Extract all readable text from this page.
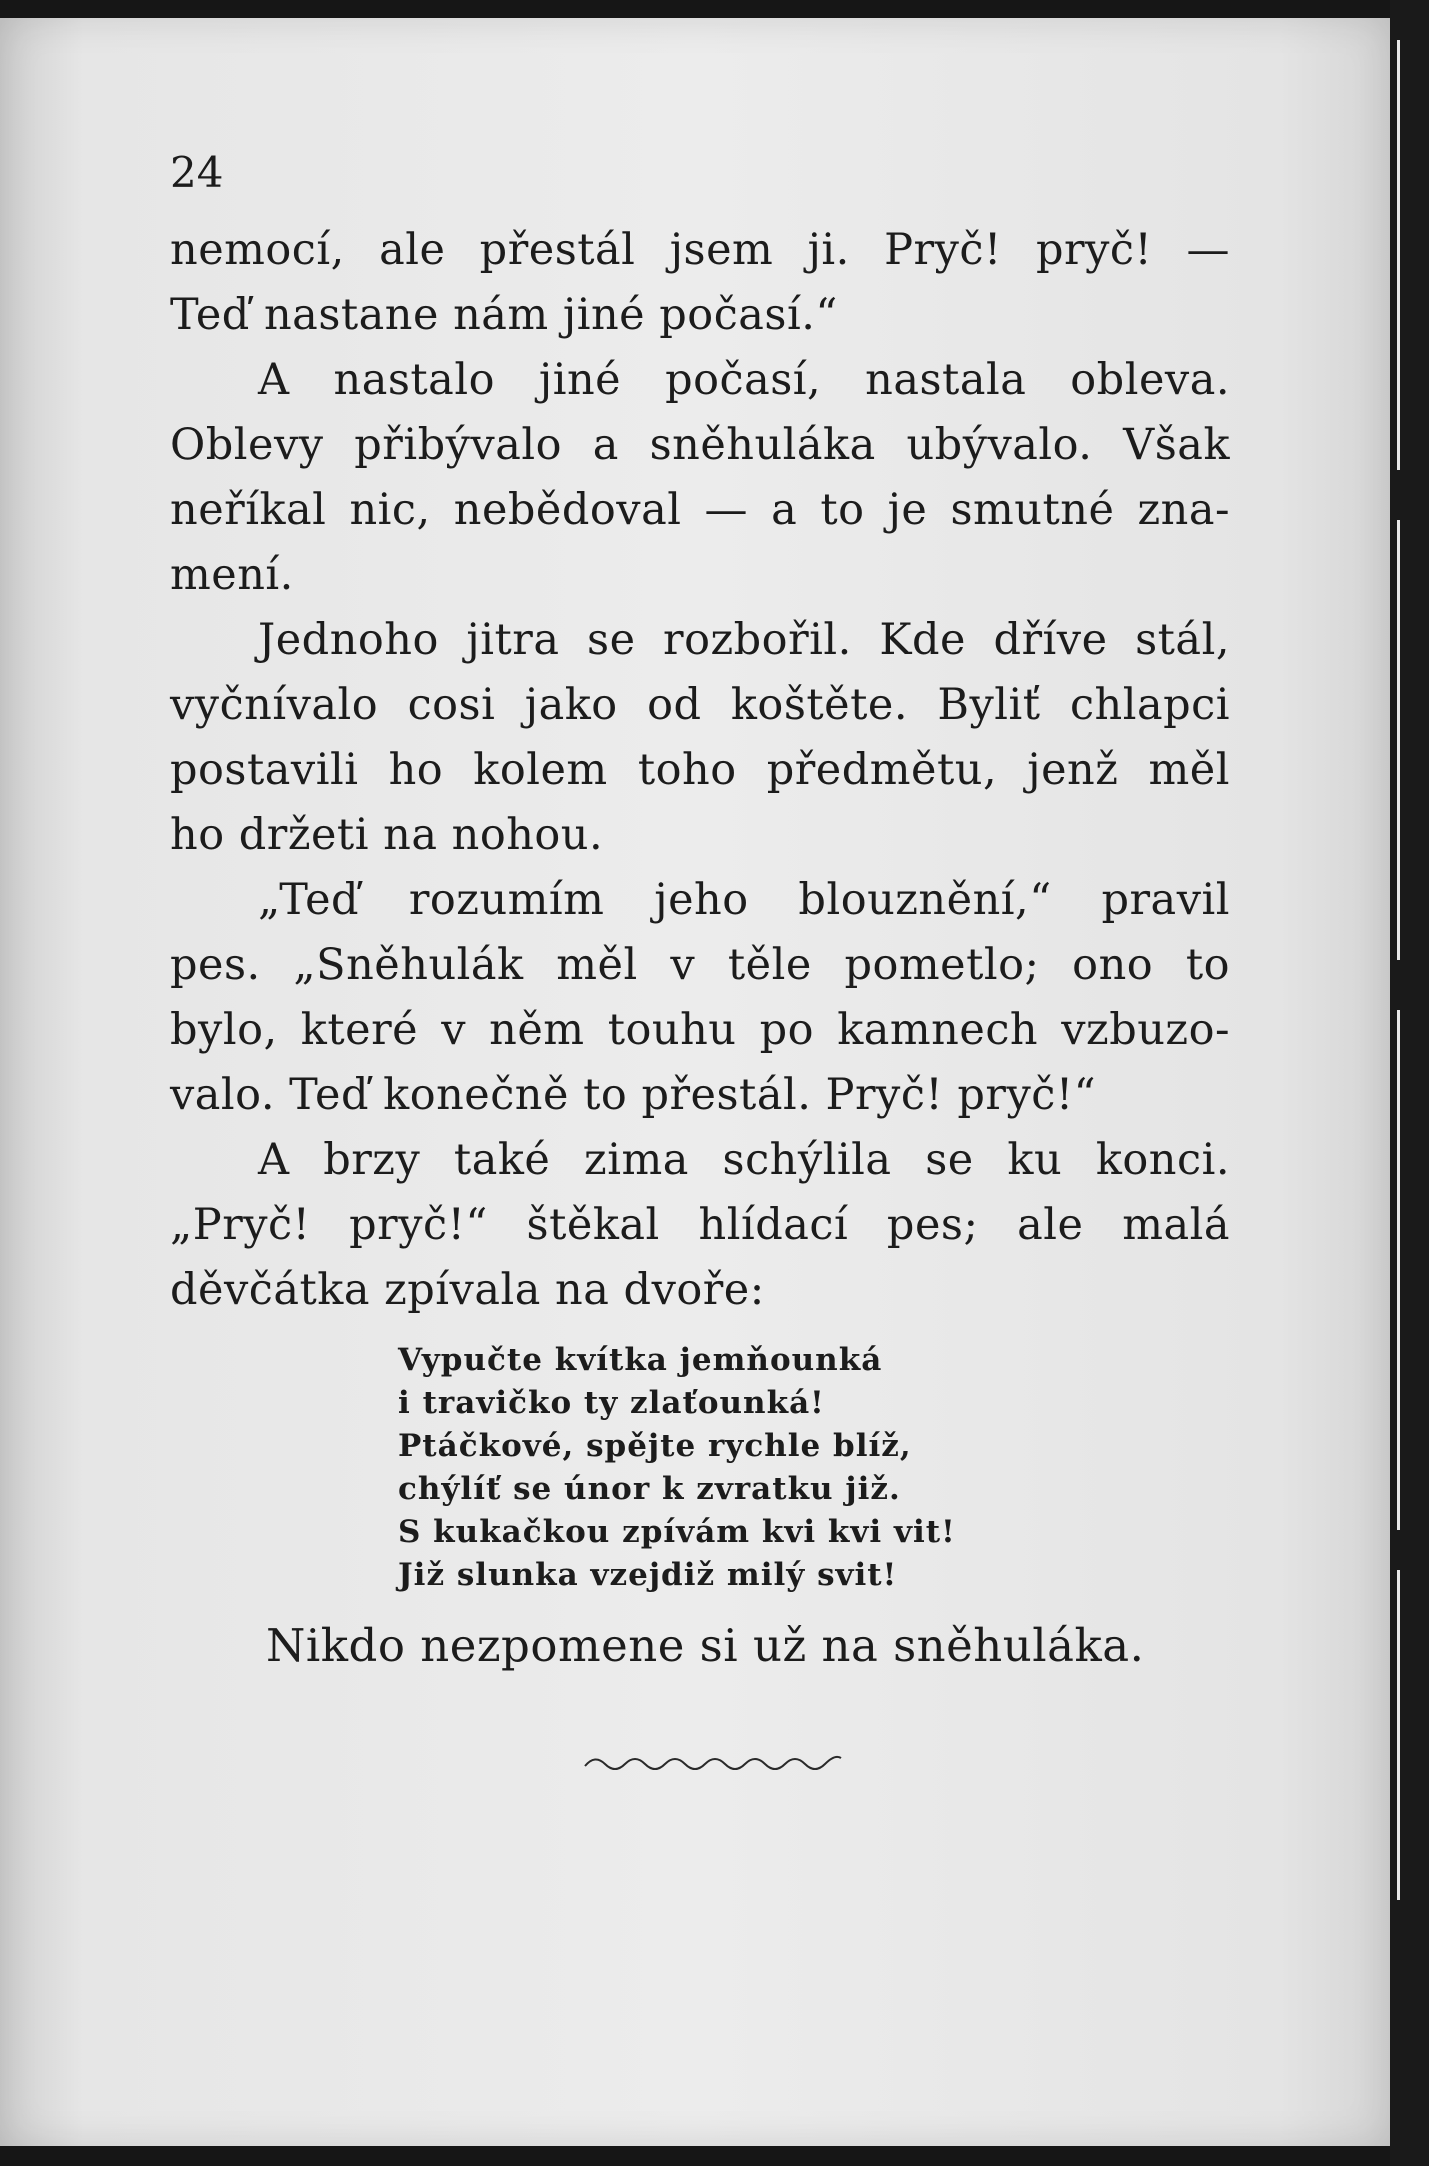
24
nemocí, ale přestál jsem ji. Pryč! pryč! —
Teď nastane nám jiné počasí.“
A nastalo jiné počasí, nastala obleva.
Oblevy přibývalo a sněhuláka ubývalo. Však
neříkal nic, nebědoval — a to je smutné zna-
mení.
Jednoho jitra se rozbořil. Kde dříve stál,
vyčnívalo cosi jako od koštěte. Byliť chlapci
postavili ho kolem toho předmětu, jenž měl
ho držeti na nohou.
„Teď rozumím jeho blouznění,“ pravil
pes. „Sněhulák měl v těle pometlo; ono to
bylo, které v něm touhu po kamnech vzbuzo-
valo. Teď konečně to přestál. Pryč! pryč!“
A brzy také zima schýlila se ku konci.
„Pryč! pryč!“ štěkal hlídací pes; ale malá
děvčátka zpívala na dvoře:
Vypučte kvítka jemňounká
i travičko ty zlaťounká!
Ptáčkové, spějte rychle blíž,
chýlíť se únor k zvratku již.
S kukačkou zpívám kvi kvi vit!
Již slunka vzejdiž milý svit!
Nikdo nezpomene si už na sněhuláka.
